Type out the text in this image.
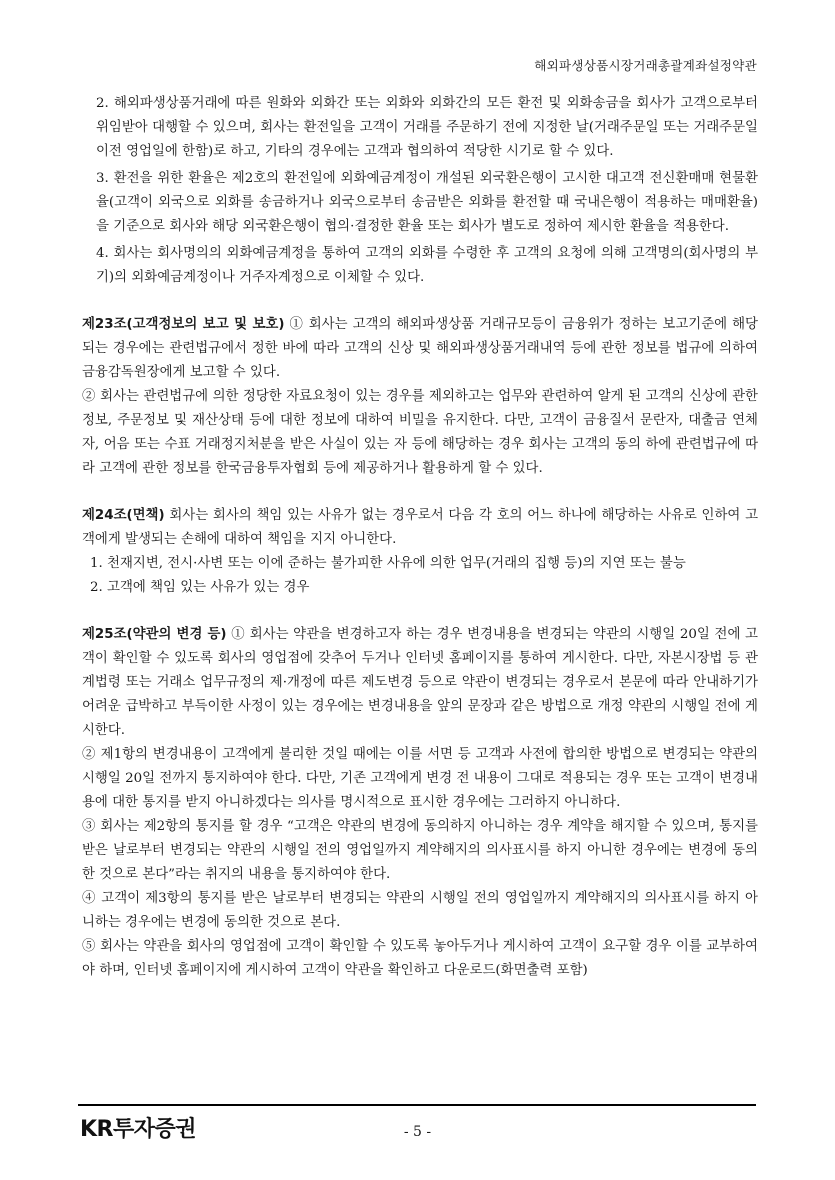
해외파생상품시장거래총괄계좌설정약관

2. 해외파생상품거래에 따른 원화와 외화간 또는 외화와 외화간의 모든 환전 및 외화송금을 회사가 고객으로부터 위임받아 대행할 수 있으며, 회사는 환전일을 고객이 거래를 주문하기 전에 지정한 날(거래주문일 또는 거래주문일 이전 영업일에 한함)로 하고, 기타의 경우에는 고객과 협의하여 적당한 시기로 할 수 있다.

3. 환전을 위한 환율은 제2호의 환전일에 외화예금계정이 개설된 외국환은행이 고시한 대고객 전신환매매 현물환율(고객이 외국으로 외화를 송금하거나 외국으로부터 송금받은 외화를 환전할 때 국내은행이 적용하는 매매환율)을 기준으로 회사와 해당 외국환은행이 협의·결정한 환율 또는 회사가 별도로 정하여 제시한 환율을 적용한다.

4. 회사는 회사명의의 외화예금계정을 통하여 고객의 외화를 수령한 후 고객의 요청에 의해 고객명의(회사명의 부기)의 외화예금계정이나 거주자계정으로 이체할 수 있다.

제23조(고객정보의 보고 및 보호) ① 회사는 고객의 해외파생상품 거래규모등이 금융위가 정하는 보고기준에 해당되는 경우에는 관련법규에서 정한 바에 따라 고객의 신상 및 해외파생상품거래내역 등에 관한 정보를 법규에 의하여 금융감독원장에게 보고할 수 있다.

② 회사는 관련법규에 의한 정당한 자료요청이 있는 경우를 제외하고는 업무와 관련하여 알게 된 고객의 신상에 관한 정보, 주문정보 및 재산상태 등에 대한 정보에 대하여 비밀을 유지한다. 다만, 고객이 금융질서 문란자, 대출금 연체자, 어음 또는 수표 거래정지처분을 받은 사실이 있는 자 등에 해당하는 경우 회사는 고객의 동의 하에 관련법규에 따라 고객에 관한 정보를 한국금융투자협회 등에 제공하거나 활용하게 할 수 있다.

제24조(면책) 회사는 회사의 책임 있는 사유가 없는 경우로서 다음 각 호의 어느 하나에 해당하는 사유로 인하여 고객에게 발생되는 손해에 대하여 책임을 지지 아니한다.

1. 천재지변, 전시·사변 또는 이에 준하는 불가피한 사유에 의한 업무(거래의 집행 등)의 지연 또는 불능

2. 고객에 책임 있는 사유가 있는 경우

제25조(약관의 변경 등) ① 회사는 약관을 변경하고자 하는 경우 변경내용을 변경되는 약관의 시행일 20일 전에 고객이 확인할 수 있도록 회사의 영업점에 갖추어 두거나 인터넷 홈페이지를 통하여 게시한다. 다만, 자본시장법 등 관계법령 또는 거래소 업무규정의 제·개정에 따른 제도변경 등으로 약관이 변경되는 경우로서 본문에 따라 안내하기가 어려운 급박하고 부득이한 사정이 있는 경우에는 변경내용을 앞의 문장과 같은 방법으로 개정 약관의 시행일 전에 게시한다.

② 제1항의 변경내용이 고객에게 불리한 것일 때에는 이를 서면 등 고객과 사전에 합의한 방법으로 변경되는 약관의 시행일 20일 전까지 통지하여야 한다. 다만, 기존 고객에게 변경 전 내용이 그대로 적용되는 경우 또는 고객이 변경내용에 대한 통지를 받지 아니하겠다는 의사를 명시적으로 표시한 경우에는 그러하지 아니하다.

③ 회사는 제2항의 통지를 할 경우 “고객은 약관의 변경에 동의하지 아니하는 경우 계약을 해지할 수 있으며, 통지를 받은 날로부터 변경되는 약관의 시행일 전의 영업일까지 계약해지의 의사표시를 하지 아니한 경우에는 변경에 동의한 것으로 본다”라는 취지의 내용을 통지하여야 한다.

④ 고객이 제3항의 통지를 받은 날로부터 변경되는 약관의 시행일 전의 영업일까지 계약해지의 의사표시를 하지 아니하는 경우에는 변경에 동의한 것으로 본다.

⑤ 회사는 약관을 회사의 영업점에 고객이 확인할 수 있도록 놓아두거나 게시하여 고객이 요구할 경우 이를 교부하여야 하며, 인터넷 홈페이지에 게시하여 고객이 약관을 확인하고 다운로드(화면출력 포함)

KR투자증권	- 5 -
